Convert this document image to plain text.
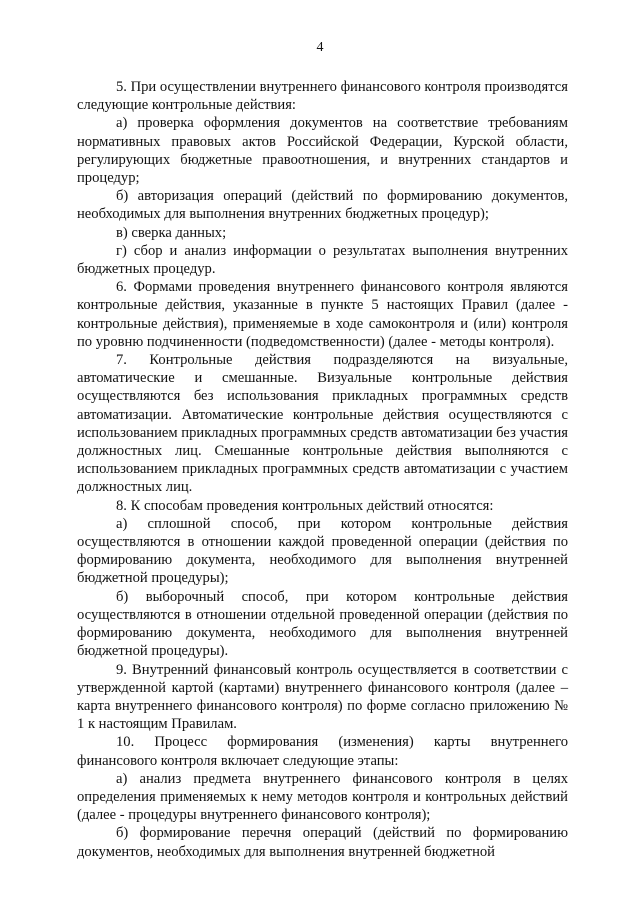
4

5. При осуществлении внутреннего финансового контроля производятся следующие контрольные действия:

а) проверка оформления документов на соответствие требованиям нормативных правовых актов Российской Федерации, Курской области, регулирующих бюджетные правоотношения, и внутренних стандартов и процедур;

б) авторизация операций (действий по формированию документов, необходимых для выполнения внутренних бюджетных процедур);

в) сверка данных;

г) сбор и анализ информации о результатах выполнения внутренних бюджетных процедур.

6. Формами проведения внутреннего финансового контроля являются контрольные действия, указанные в пункте 5 настоящих Правил (далее - контрольные действия), применяемые в ходе самоконтроля и (или) контроля по уровню подчиненности (подведомственности) (далее - методы контроля).

7. Контрольные действия подразделяются на визуальные, автоматические и смешанные. Визуальные контрольные действия осуществляются без использования прикладных программных средств автоматизации. Автоматические контрольные действия осуществляются с использованием прикладных программных средств автоматизации без участия должностных лиц. Смешанные контрольные действия выполняются с использованием прикладных программных средств автоматизации с участием должностных лиц.

8. К способам проведения контрольных действий относятся:

а) сплошной способ, при котором контрольные действия осуществляются в отношении каждой проведенной операции (действия по формированию документа, необходимого для выполнения внутренней бюджетной процедуры);

б) выборочный способ, при котором контрольные действия осуществляются в отношении отдельной проведенной операции (действия по формированию документа, необходимого для выполнения внутренней бюджетной процедуры).

9. Внутренний финансовый контроль осуществляется в соответствии с утвержденной картой (картами) внутреннего финансового контроля (далее – карта внутреннего финансового контроля) по форме согласно приложению № 1 к настоящим Правилам.

10. Процесс формирования (изменения) карты внутреннего финансового контроля включает следующие этапы:

а) анализ предмета внутреннего финансового контроля в целях определения применяемых к нему методов контроля и контрольных действий (далее - процедуры внутреннего финансового контроля);

б) формирование перечня операций (действий по формированию документов, необходимых для выполнения внутренней бюджетной
